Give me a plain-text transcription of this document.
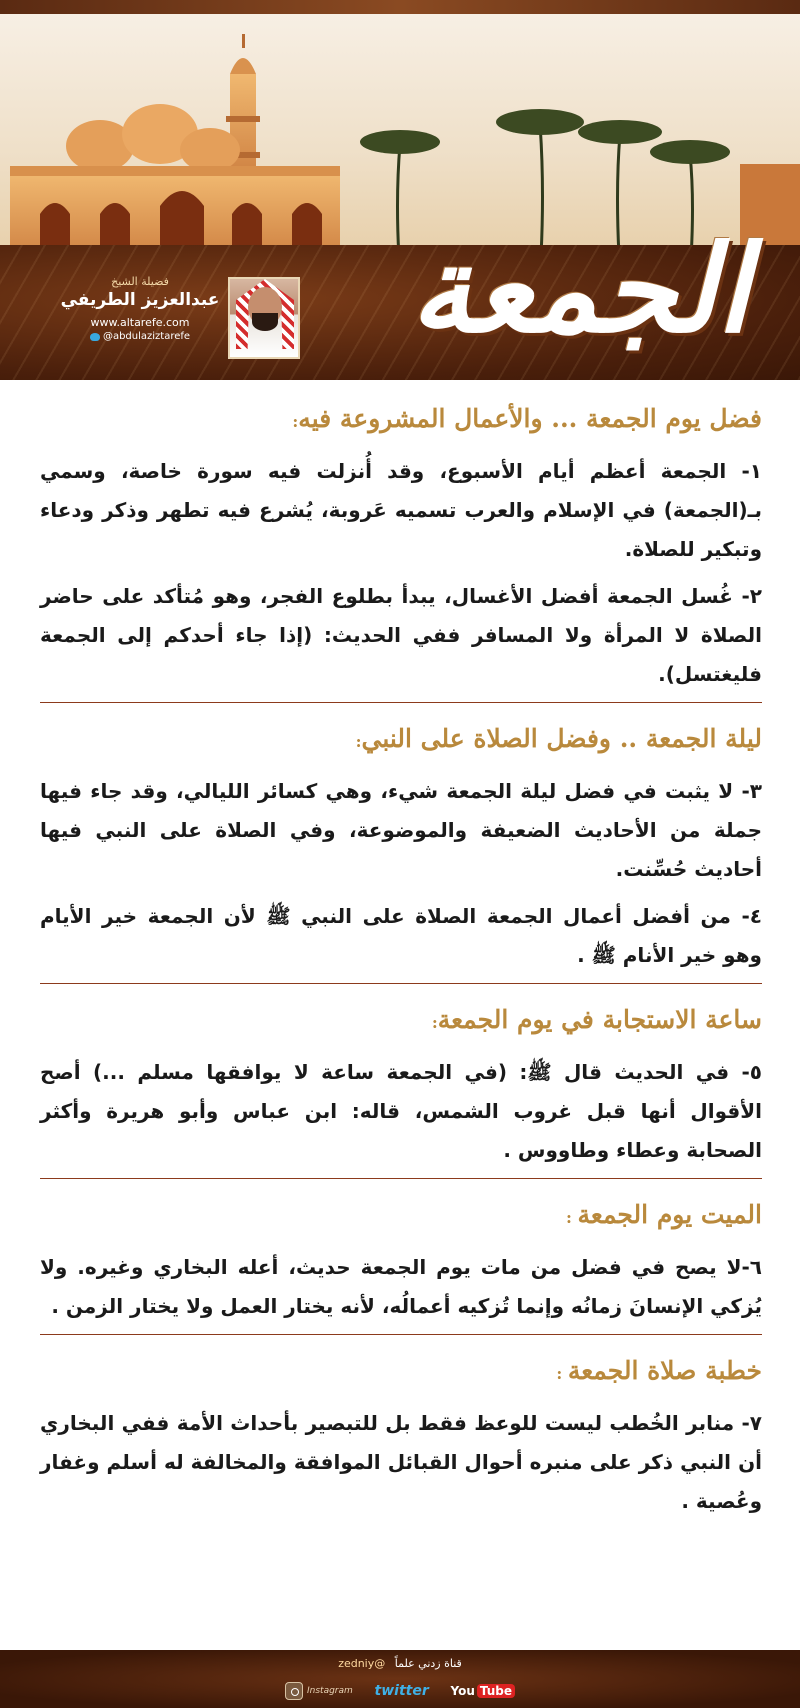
فضيلة الشيخ
عبدالعزيز الطريفي
www.altarefe.com
@abdulaziztarefe الجمعة
فضل يوم الجمعة ... والأعمال المشروعة فيه:

١- الجمعة أعظم أيام الأسبوع، وقد أُنزلت فيه سورة خاصة، وسمي بـ(الجمعة) في الإسلام والعرب تسميه عَروبة، يُشرع فيه تطهر وذكر ودعاء وتبكير للصلاة.

٢- غُسل الجمعة أفضل الأغسال، يبدأ بطلوع الفجر، وهو مُتأكد على حاضر الصلاة لا المرأة ولا المسافر ففي الحديث: (إذا جاء أحدكم إلى الجمعة فليغتسل).

ليلة الجمعة .. وفضل الصلاة على النبي:

٣- لا يثبت في فضل ليلة الجمعة شيء، وهي كسائر الليالي، وقد جاء فيها جملة من الأحاديث الضعيفة والموضوعة، وفي الصلاة على النبي فيها أحاديث حُسِّنت.

٤- من أفضل أعمال الجمعة الصلاة على النبي ﷺ لأن الجمعة خير الأيام وهو خير الأنام ﷺ .

ساعة الاستجابة في يوم الجمعة:

٥- في الحديث قال ﷺ: (في الجمعة ساعة لا يوافقها مسلم ...) أصح الأقوال أنها قبل غروب الشمس، قاله: ابن عباس وأبو هريرة وأكثر الصحابة وعطاء وطاووس .

الميت يوم الجمعة :

٦-لا يصح في فضل من مات يوم الجمعة حديث، أعله البخاري وغيره. ولا يُزكي الإنسانَ زمانُه وإنما تُزكيه أعمالُه، لأنه يختار العمل ولا يختار الزمن .

خطبة صلاة الجمعة :

٧- منابر الخُطب ليست للوعظ فقط بل للتبصير بأحداث الأمة ففي البخاري أن النبي ذكر على منبره أحوال القبائل الموافقة والمخالفة له أسلم وغفار وعُصية .

قناة زدني علماً @zedniy
Instagram twitter You Tube
